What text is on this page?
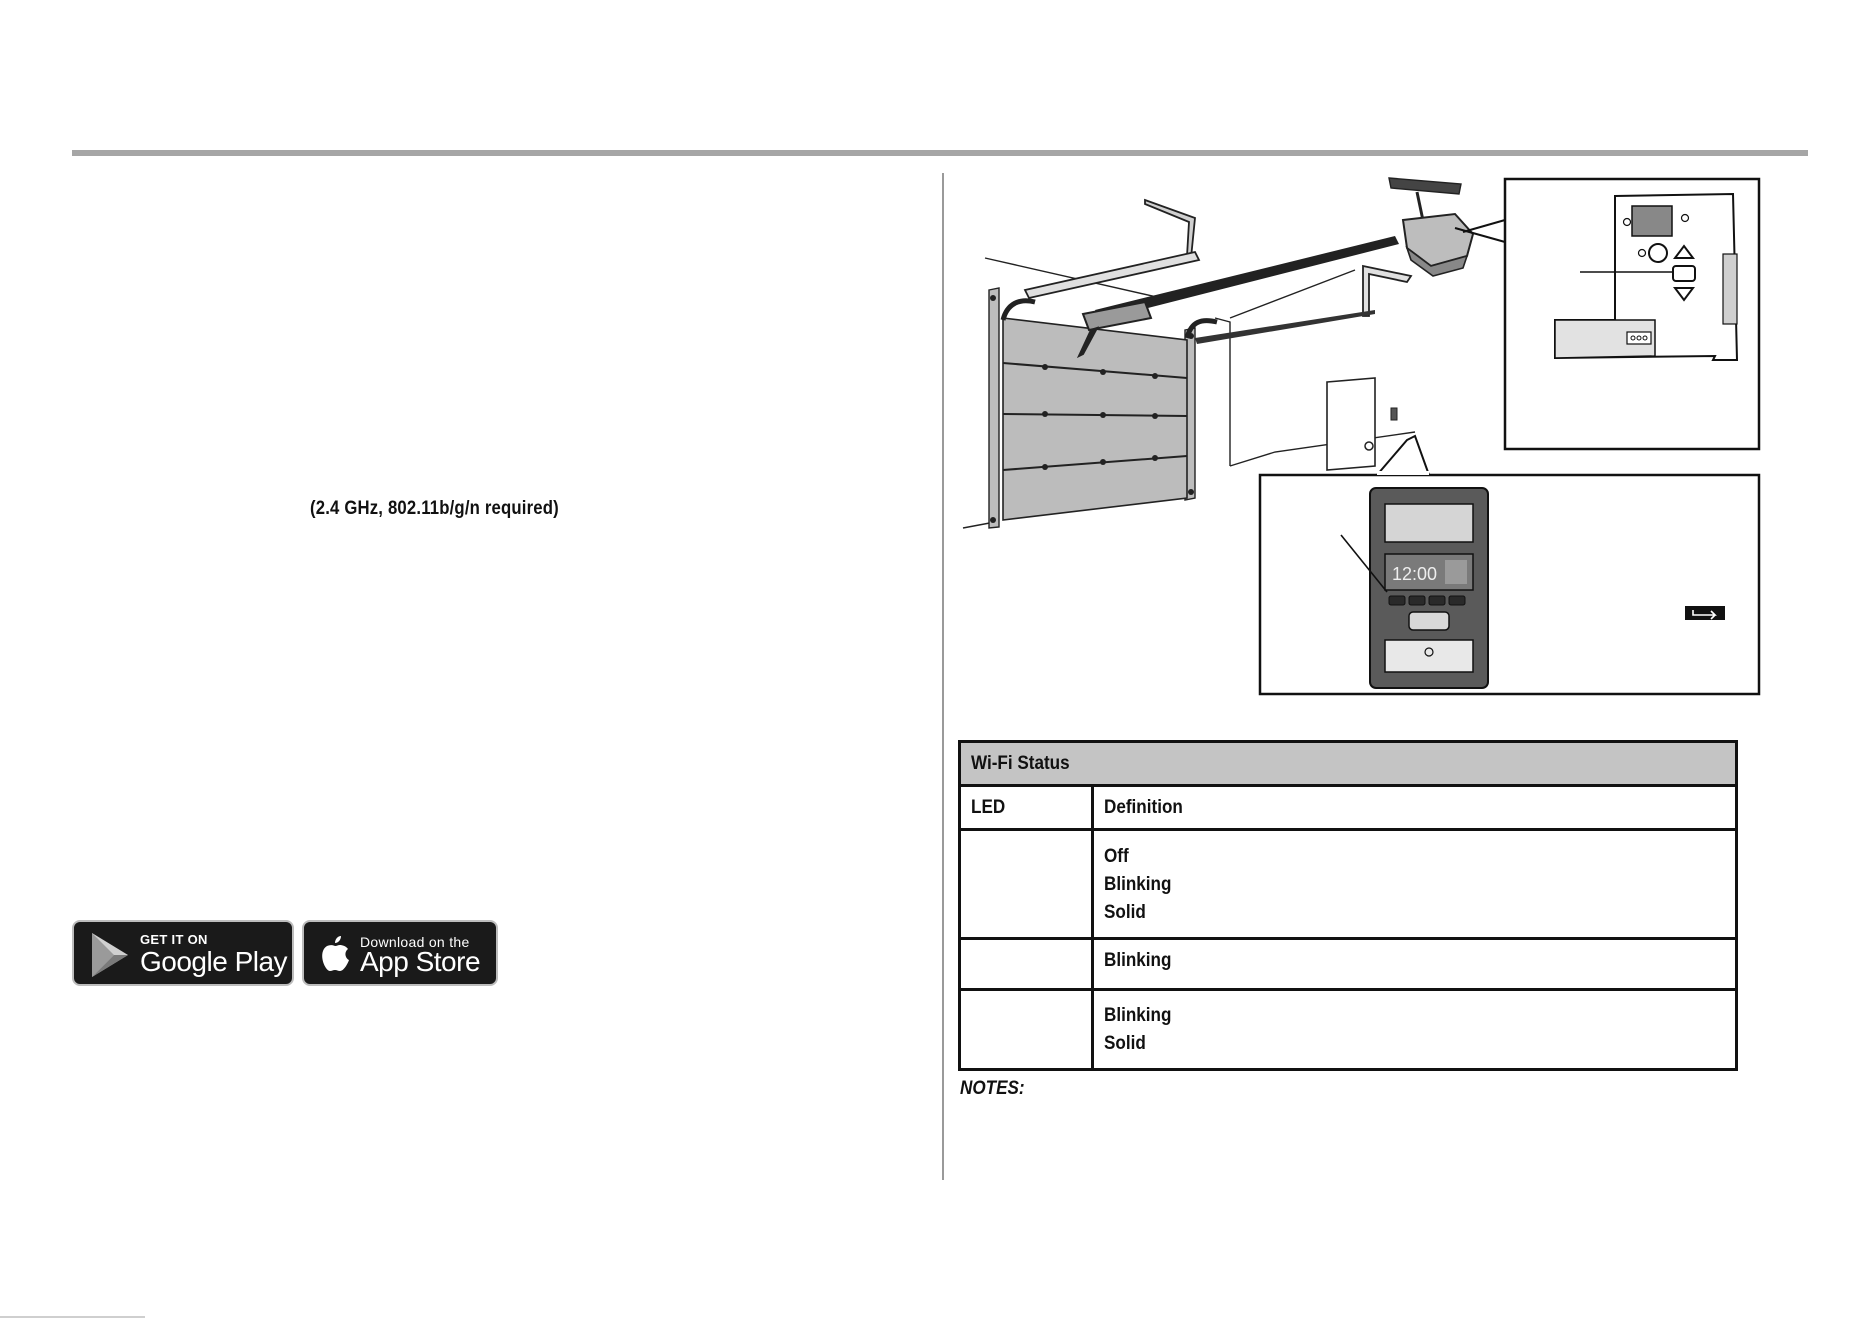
(2.4 GHz, 802.11b/g/n required)
GET IT ON
Google Play
Download on the
App Store
12:00
Wi-Fi Status	
LED	Definition

	Off
Blinking
Solid

	Blinking

	Blinking
Solid
NOTES:
